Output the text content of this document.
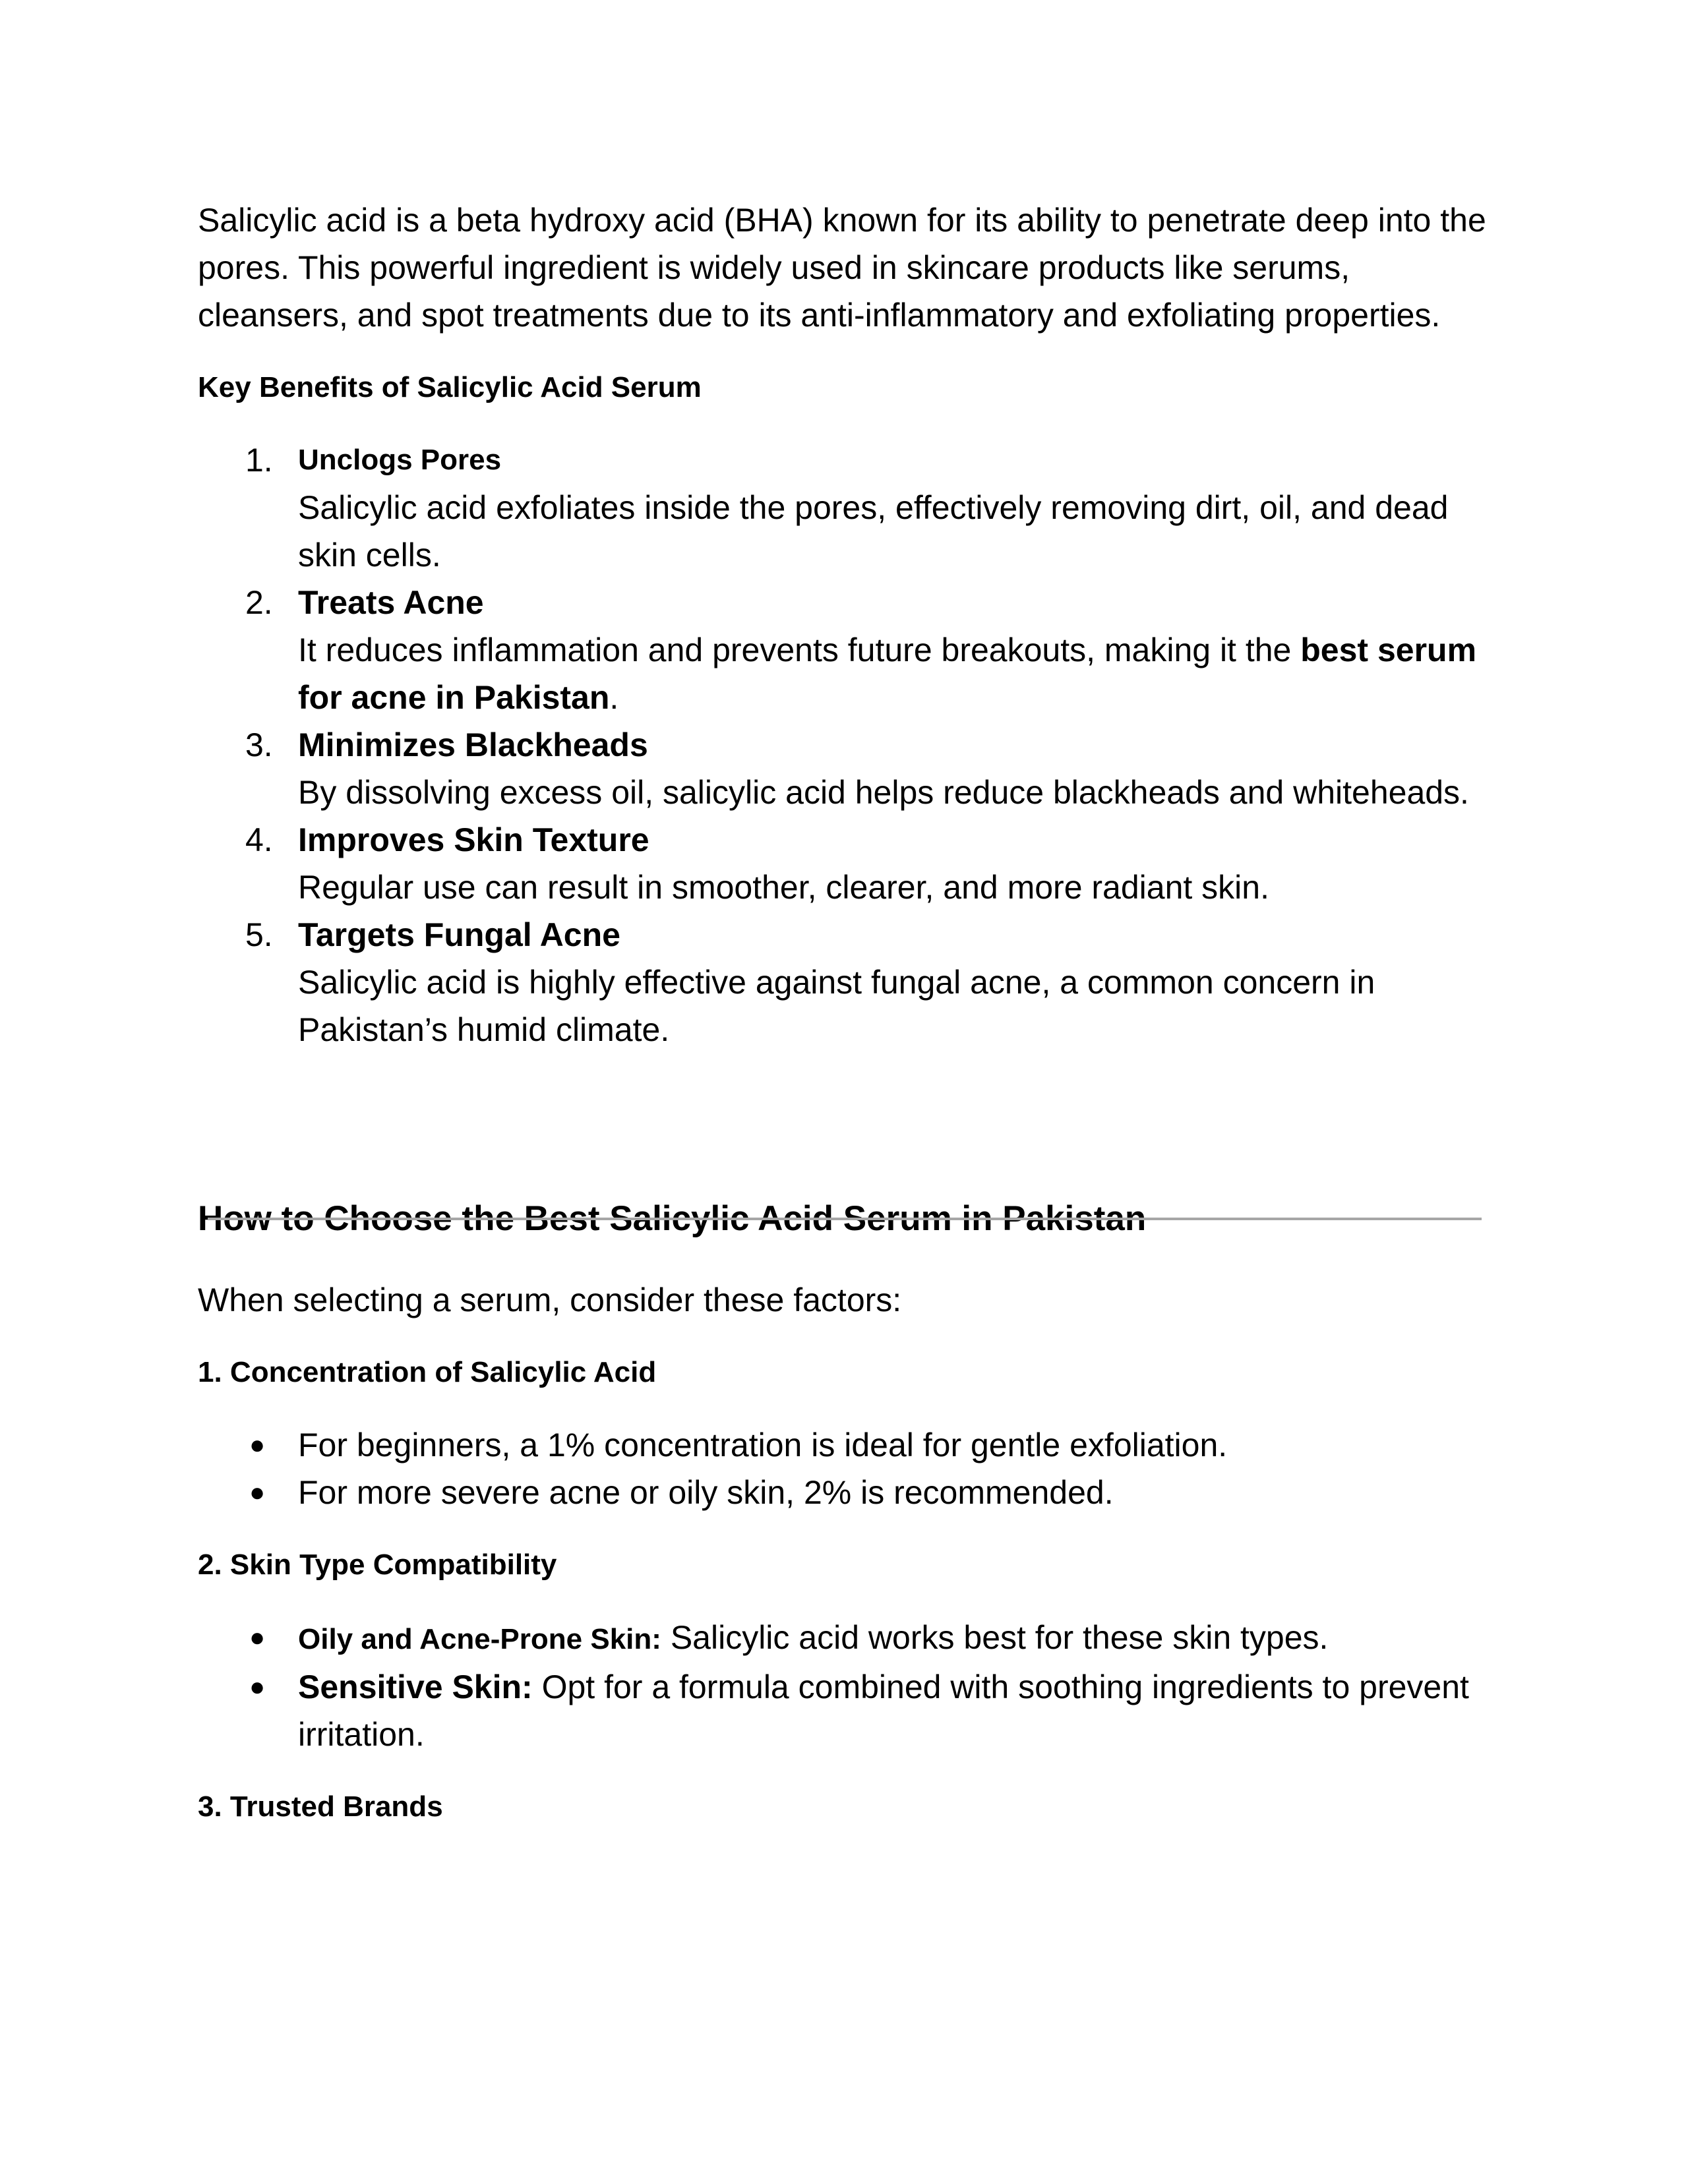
Salicylic acid is a beta hydroxy acid (BHA) known for its ability to penetrate deep into the pores. This powerful ingredient is widely used in skincare products like serums, cleansers, and spot treatments due to its anti-inflammatory and exfoliating properties.

Key Benefits of Salicylic Acid Serum

1. Unclogs Pores
Salicylic acid exfoliates inside the pores, effectively removing dirt, oil, and dead skin cells.
2. Treats Acne
It reduces inflammation and prevents future breakouts, making it the best serum for acne in Pakistan.
3. Minimizes Blackheads
By dissolving excess oil, salicylic acid helps reduce blackheads and whiteheads.
4. Improves Skin Texture
Regular use can result in smoother, clearer, and more radiant skin.
5. Targets Fungal Acne
Salicylic acid is highly effective against fungal acne, a common concern in Pakistan’s humid climate.

How to Choose the Best Salicylic Acid Serum in Pakistan

When selecting a serum, consider these factors:

1. Concentration of Salicylic Acid

● For beginners, a 1% concentration is ideal for gentle exfoliation.
● For more severe acne or oily skin, 2% is recommended.

2. Skin Type Compatibility

●	Oily and Acne-Prone Skin: Salicylic acid works best for these skin types.
● Sensitive Skin: Opt for a formula combined with soothing ingredients to prevent irritation.

3. Trusted Brands
